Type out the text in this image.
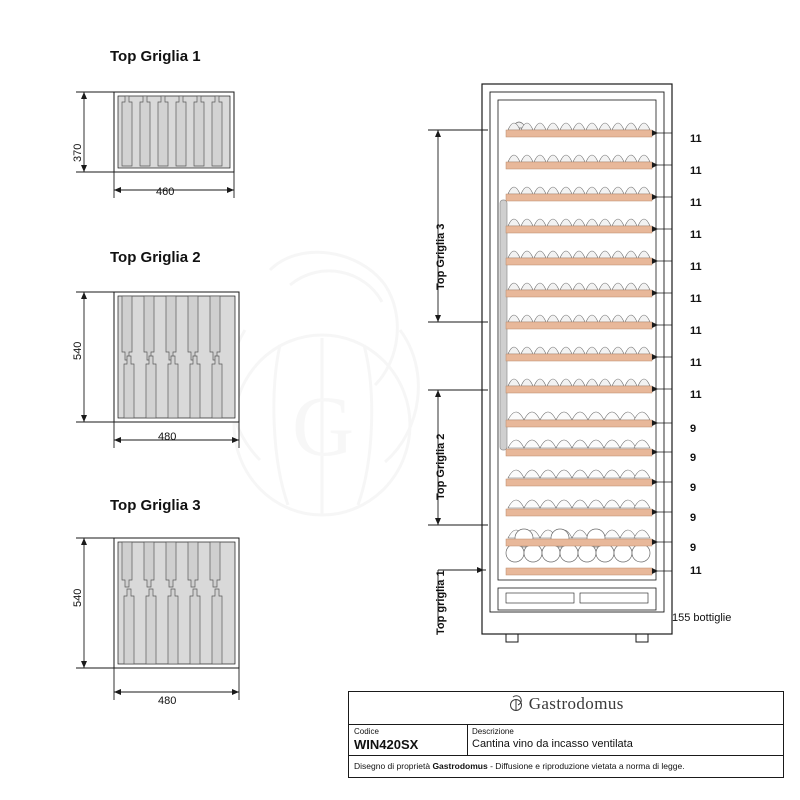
G
Top Griglia 1
370
460
Top Griglia 2
540
480
Top Griglia 3
540
480
11
11
11
11
11
11
11
11
11
9
9
9
9
9
11
155 bottiglie
Top Griglia 3
Top Griglia 2
Top griglia 1
Gastrodomus
Codice
WIN420SX
Descrizione
Cantina vino da incasso ventilata
Disegno di proprietà Gastrodomus - Diffusione e riproduzione vietata a norma di legge.
